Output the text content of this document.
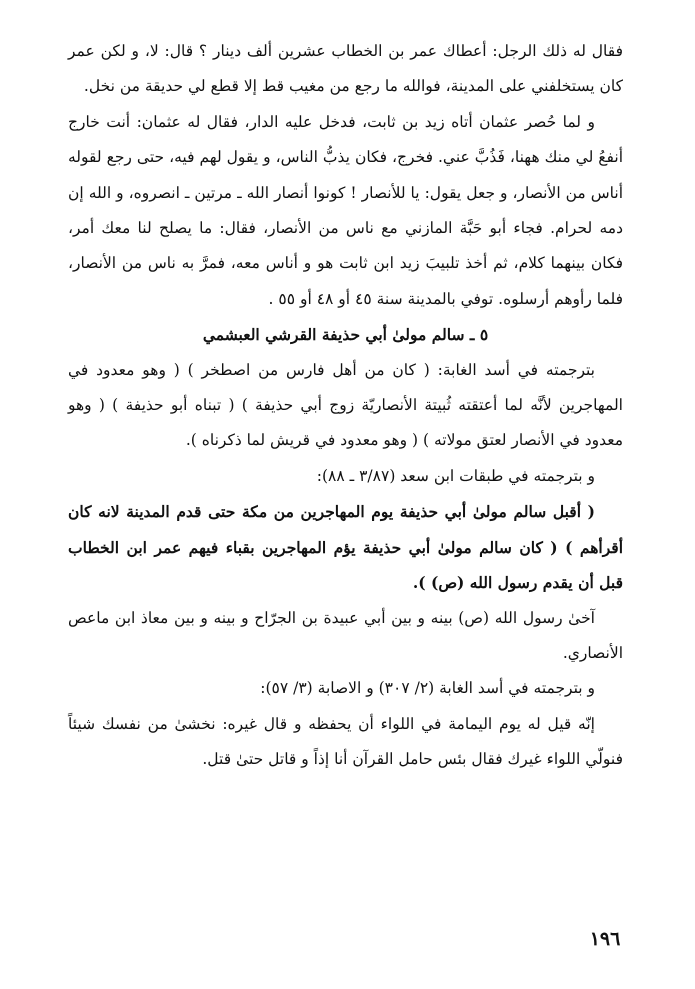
فقال له ذلك الرجل: أعطاك عمر بن الخطاب عشرين ألف دينار ؟ قال: لا، و لكن عمر كان يستخلفني على المدينة، فوالله ما رجع من مغيب قط إلا قطع لي حديقة من نخل.

و لما حُصر عثمان أتاه زيد بن ثابت، فدخل عليه الدار، فقال له عثمان: أنت خارج أنفعُ لي منك ههنا، فَذُبَّ عني. فخرج، فكان يذبُّ الناس، و يقول لهم فيه، حتى رجع لقوله أناس من الأنصار، و جعل يقول: يا للأنصار ! كونوا أنصار الله ـ مرتين ـ انصروه، و الله إن دمه لحرام. فجاء أبو حَبَّة المازني مع ناس من الأنصار، فقال: ما يصلح لنا معك أمر، فكان بينهما كلام، ثم أخذ تلبيبَ زيد ابن ثابت هو و أناس معه، فمرَّ به ناس من الأنصار، فلما رأوهم أرسلوه. توفي بالمدينة سنة ٤٥ أو ٤٨ أو ٥٥ .

٥ ـ سالم مولىٰ أبي حذيفة القرشي العبشمي

بترجمته في أسد الغابة: ( كان من أهل فارس من اصطخر ) ( وهو معدود في المهاجرين لأنَّه لما أعتقته ثُبيتة الأنصاريّة زوج أبي حذيفة ) ( تبناه أبو حذيفة ) ( وهو معدود في الأنصار لعتق مولاته ) ( وهو معدود في قريش لما ذكرناه ).

و بترجمته في طبقات ابن سعد (٣/٨٧ ـ ٨٨):

( أقبل سالم مولىٰ أبي حذيفة يوم المهاجرين من مكة حتى قدم المدينة لانه كان أقرأهم ) ( كان سالم مولىٰ أبي حذيفة يؤم المهاجرين بقباء فيهم عمر ابن الخطاب قبل أن يقدم رسول الله (ص) ).

آخىٰ رسول الله (ص) بينه و بين أبي عبيدة بن الجرّاح و بينه و بين معاذ ابن ماعص الأنصاري.

و بترجمته في أسد الغابة (٢/ ٣٠٧) و الاصابة (٣/ ٥٧):

إنّه قيل له يوم اليمامة في اللواء أن يحفظه و قال غيره: نخشىٰ من نفسك شيئاً فنولّي اللواء غيرك فقال بئس حامل القرآن أنا إذاً و قاتل حتىٰ قتل.

١٩٦
